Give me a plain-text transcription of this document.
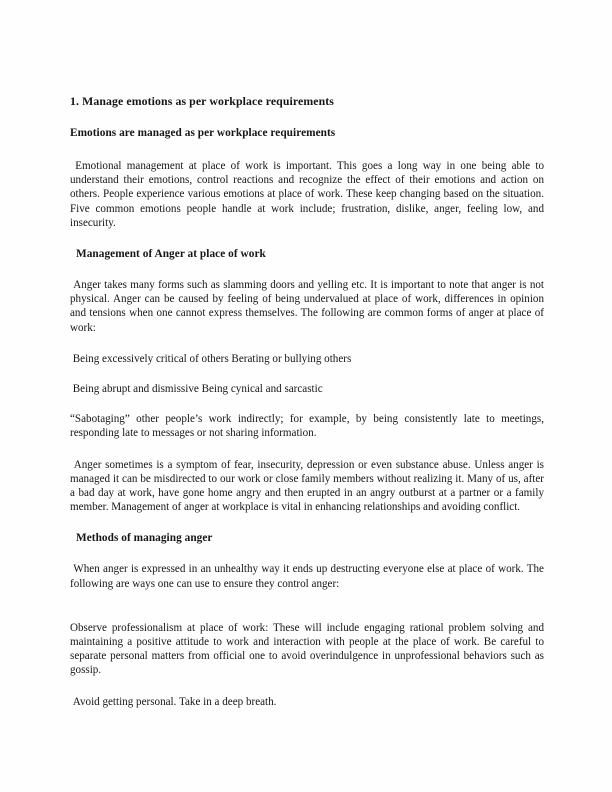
1. Manage emotions as per workplace requirements
Emotions are managed as per workplace requirements

Emotional management at place of work is important. This goes a long way in one being able to understand their emotions, control reactions and recognize the effect of their emotions and action on others. People experience various emotions at place of work. These keep changing based on the situation. Five common emotions people handle at work include; frustration, dislike, anger, feeling low, and insecurity.

Management of Anger at place of work

Anger takes many forms such as slamming doors and yelling etc. It is important to note that anger is not physical. Anger can be caused by feeling of being undervalued at place of work, differences in opinion and tensions when one cannot express themselves. The following are common forms of anger at place of work:

Being excessively critical of others Berating or bullying others

Being abrupt and dismissive Being cynical and sarcastic

“Sabotaging” other people’s work indirectly; for example, by being consistently late to meetings, responding late to messages or not sharing information.

Anger sometimes is a symptom of fear, insecurity, depression or even substance abuse. Unless anger is managed it can be misdirected to our work or close family members without realizing it. Many of us, after a bad day at work, have gone home angry and then erupted in an angry outburst at a partner or a family member. Management of anger at workplace is vital in enhancing relationships and avoiding conflict.

Methods of managing anger

When anger is expressed in an unhealthy way it ends up destructing everyone else at place of work. The following are ways one can use to ensure they control anger:

Observe professionalism at place of work: These will include engaging rational problem solving and maintaining a positive attitude to work and interaction with people at the place of work. Be careful to separate personal matters from official one to avoid overindulgence in unprofessional behaviors such as gossip.

Avoid getting personal. Take in a deep breath.
